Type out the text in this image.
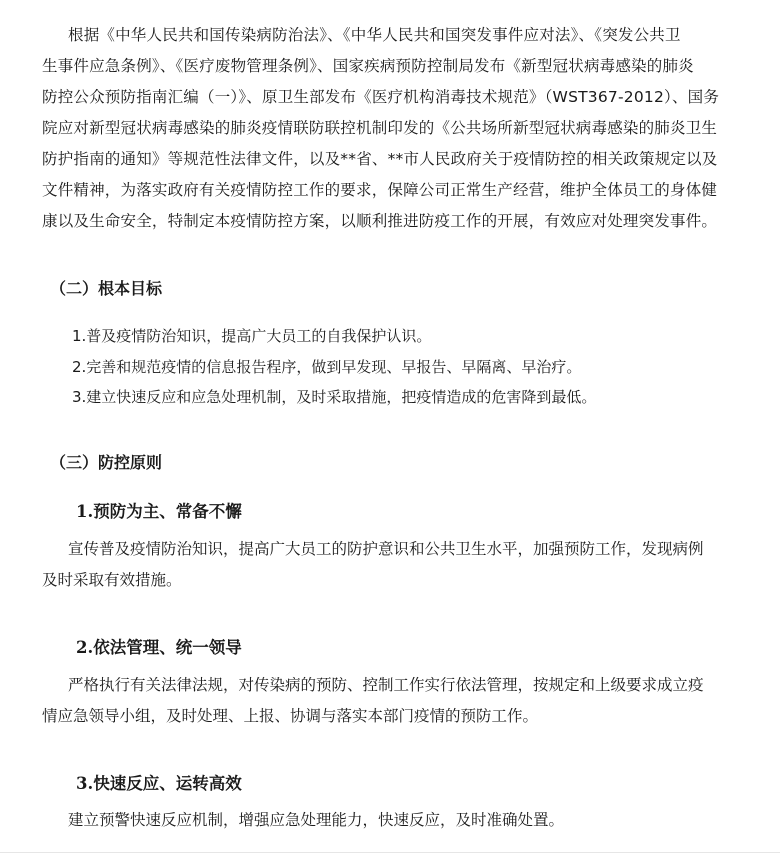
根据《中华人民共和国传染病防治法》、《中华人民共和国突发事件应对法》、《突发公共卫
生事件应急条例》、《医疗废物管理条例》、国家疾病预防控制局发布《新型冠状病毒感染的肺炎
防控公众预防指南汇编（一）》、原卫生部发布《医疗机构消毒技术规范》（WST367-2012）、国务
院应对新型冠状病毒感染的肺炎疫情联防联控机制印发的《公共场所新型冠状病毒感染的肺炎卫生
防护指南的通知》等规范性法律文件，以及**省、**市人民政府关于疫情防控的相关政策规定以及
文件精神，为落实政府有关疫情防控工作的要求，保障公司正常生产经营，维护全体员工的身体健
康以及生命安全，特制定本疫情防控方案，以顺利推进防疫工作的开展，有效应对处理突发事件。

（二）根本目标

1.普及疫情防治知识，提高广大员工的自我保护认识。

2.完善和规范疫情的信息报告程序，做到早发现、早报告、早隔离、早治疗。

3.建立快速反应和应急处理机制，及时采取措施，把疫情造成的危害降到最低。

（三）防控原则
1.预防为主、常备不懈

宣传普及疫情防治知识，提高广大员工的防护意识和公共卫生水平，加强预防工作，发现病例

及时采取有效措施。

2.依法管理、统一领导

严格执行有关法律法规，对传染病的预防、控制工作实行依法管理，按规定和上级要求成立疫

情应急领导小组，及时处理、上报、协调与落实本部门疫情的预防工作。

3.快速反应、运转高效

建立预警快速反应机制，增强应急处理能力，快速反应，及时准确处置。
